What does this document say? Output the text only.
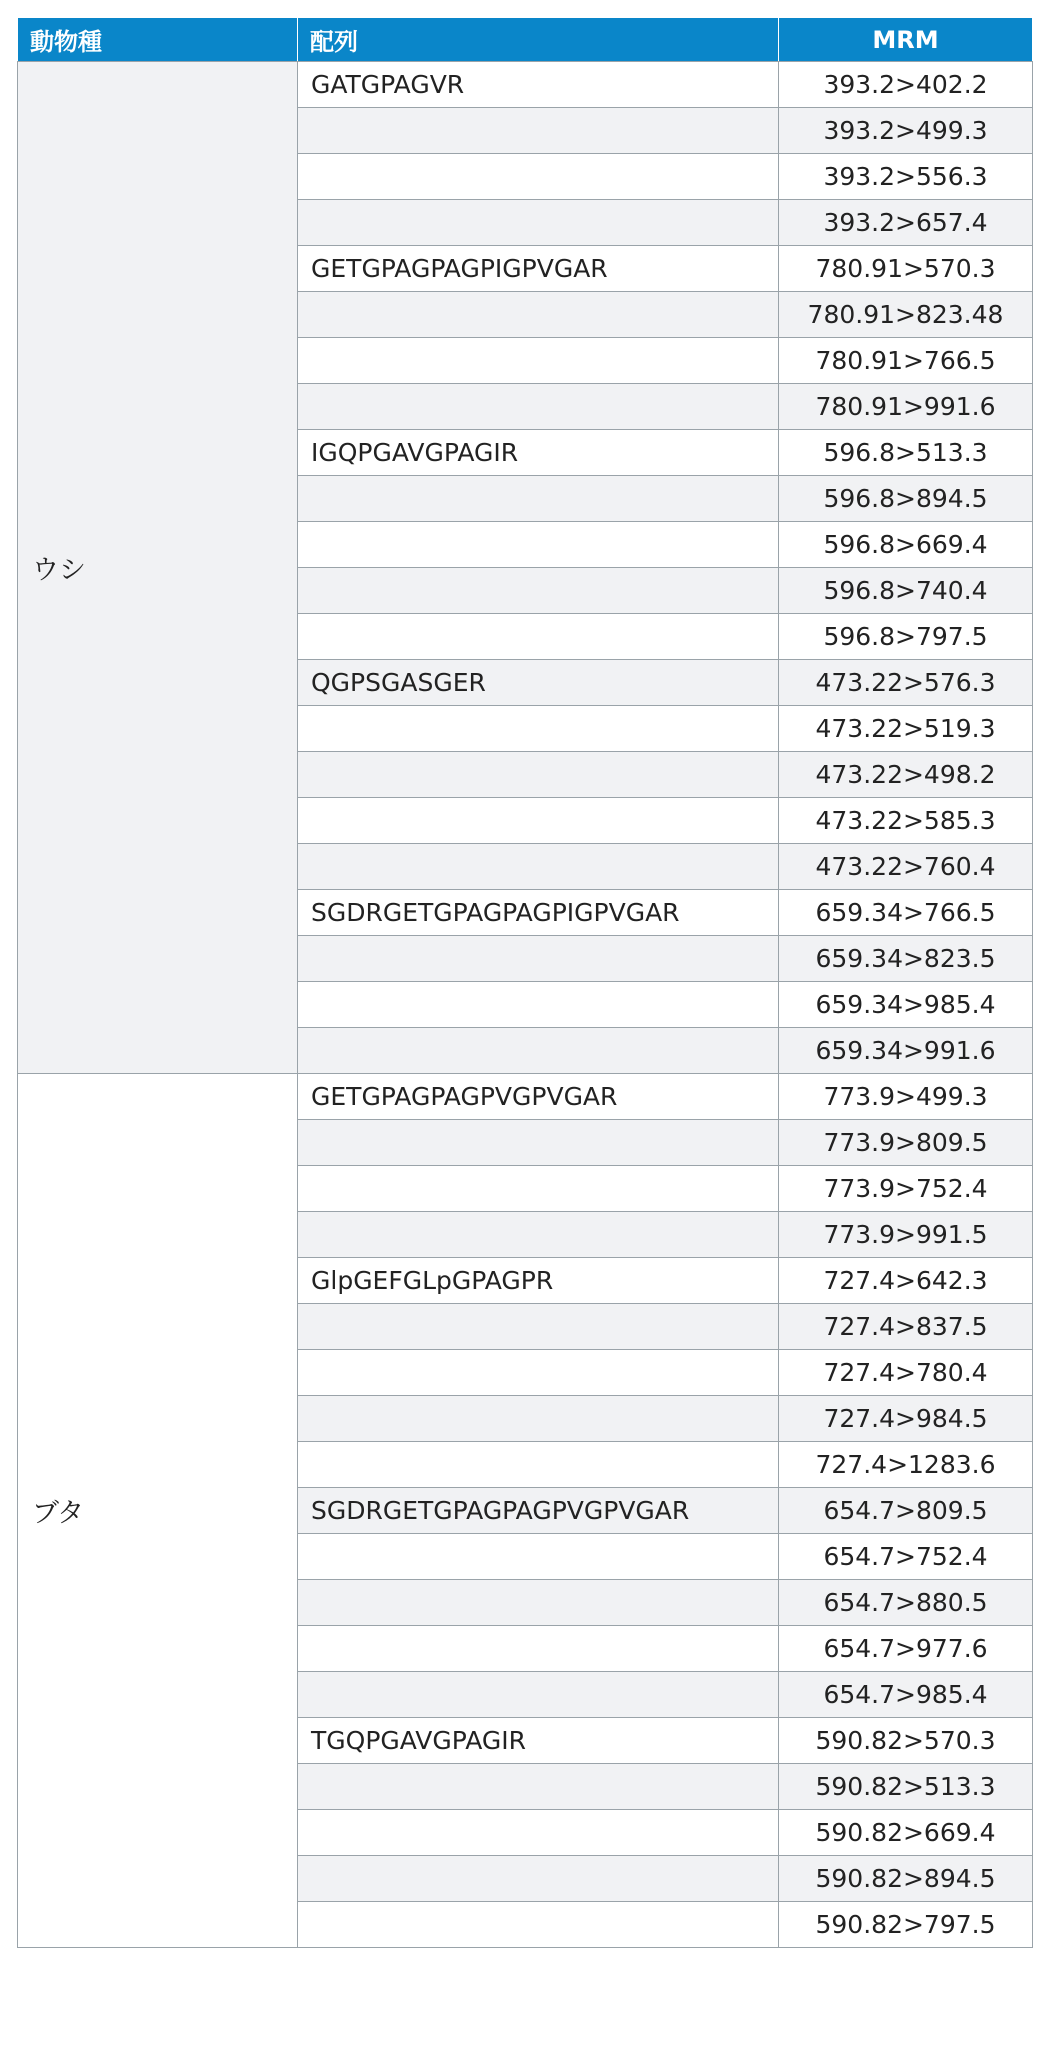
動物種	配列	MRM
ウシ	GATGPAGVR	393.2>402.2
		393.2>499.3
		393.2>556.3
		393.2>657.4
	GETGPAGPAGPIGPVGAR	780.91>570.3
		780.91>823.48
		780.91>766.5
		780.91>991.6
	IGQPGAVGPAGIR	596.8>513.3
		596.8>894.5
		596.8>669.4
		596.8>740.4
		596.8>797.5
	QGPSGASGER	473.22>576.3
		473.22>519.3
		473.22>498.2
		473.22>585.3
		473.22>760.4
	SGDRGETGPAGPAGPIGPVGAR	659.34>766.5
		659.34>823.5
		659.34>985.4
		659.34>991.6
ブタ	GETGPAGPAGPVGPVGAR	773.9>499.3
		773.9>809.5
		773.9>752.4
		773.9>991.5
	GlpGEFGLpGPAGPR	727.4>642.3
		727.4>837.5
		727.4>780.4
		727.4>984.5
		727.4>1283.6
	SGDRGETGPAGPAGPVGPVGAR	654.7>809.5
		654.7>752.4
		654.7>880.5
		654.7>977.6
		654.7>985.4
	TGQPGAVGPAGIR	590.82>570.3
		590.82>513.3
		590.82>669.4
		590.82>894.5
		590.82>797.5
